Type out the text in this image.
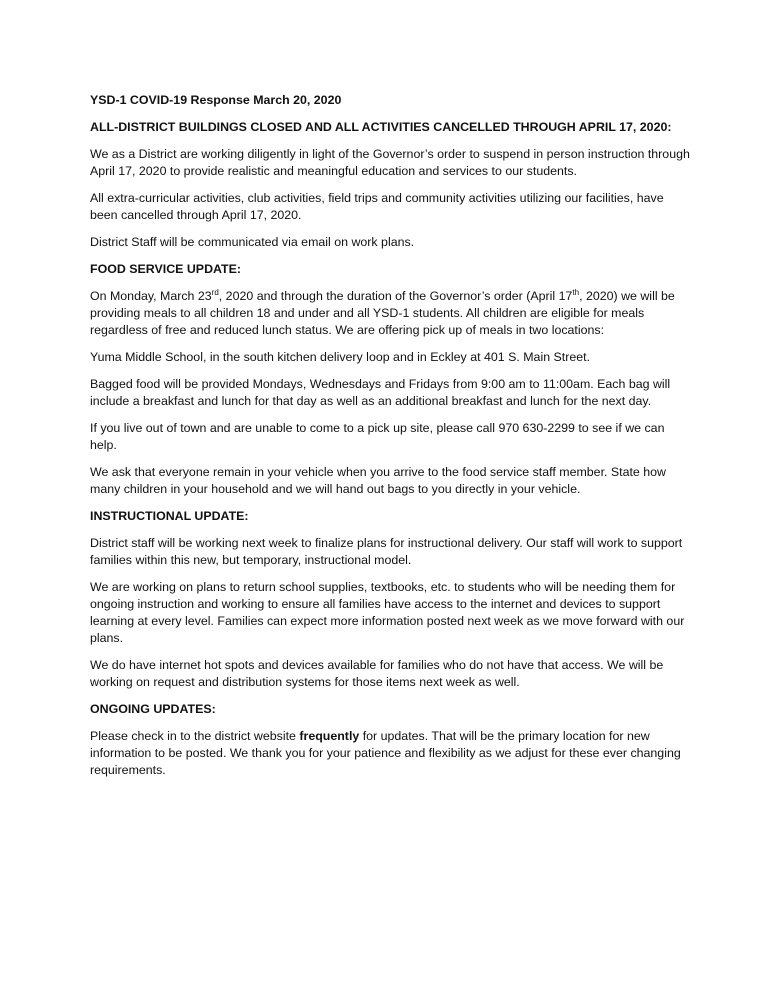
YSD-1 COVID-19 Response March 20, 2020
ALL-DISTRICT BUILDINGS CLOSED AND ALL ACTIVITIES CANCELLED THROUGH APRIL 17, 2020:

We as a District are working diligently in light of the Governor’s order to suspend in person instruction through April 17, 2020 to provide realistic and meaningful education and services to our students.

All extra-curricular activities, club activities, field trips and community activities utilizing our facilities, have been cancelled through April 17, 2020.

District Staff will be communicated via email on work plans.

FOOD SERVICE UPDATE:

On Monday, March 23rd, 2020 and through the duration of the Governor’s order (April 17th, 2020) we will be providing meals to all children 18 and under and all YSD-1 students. All children are eligible for meals regardless of free and reduced lunch status. We are offering pick up of meals in two locations:

Yuma Middle School, in the south kitchen delivery loop and in Eckley at 401 S. Main Street.

Bagged food will be provided Mondays, Wednesdays and Fridays from 9:00 am to 11:00am. Each bag will include a breakfast and lunch for that day as well as an additional breakfast and lunch for the next day.

If you live out of town and are unable to come to a pick up site, please call 970 630-2299 to see if we can help.

We ask that everyone remain in your vehicle when you arrive to the food service staff member. State how many children in your household and we will hand out bags to you directly in your vehicle.

INSTRUCTIONAL UPDATE:

District staff will be working next week to finalize plans for instructional delivery. Our staff will work to support families within this new, but temporary, instructional model.

We are working on plans to return school supplies, textbooks, etc. to students who will be needing them for ongoing instruction and working to ensure all families have access to the internet and devices to support learning at every level. Families can expect more information posted next week as we move forward with our plans.

We do have internet hot spots and devices available for families who do not have that access. We will be working on request and distribution systems for those items next week as well.

ONGOING UPDATES:

Please check in to the district website frequently for updates. That will be the primary location for new information to be posted. We thank you for your patience and flexibility as we adjust for these ever changing requirements.
